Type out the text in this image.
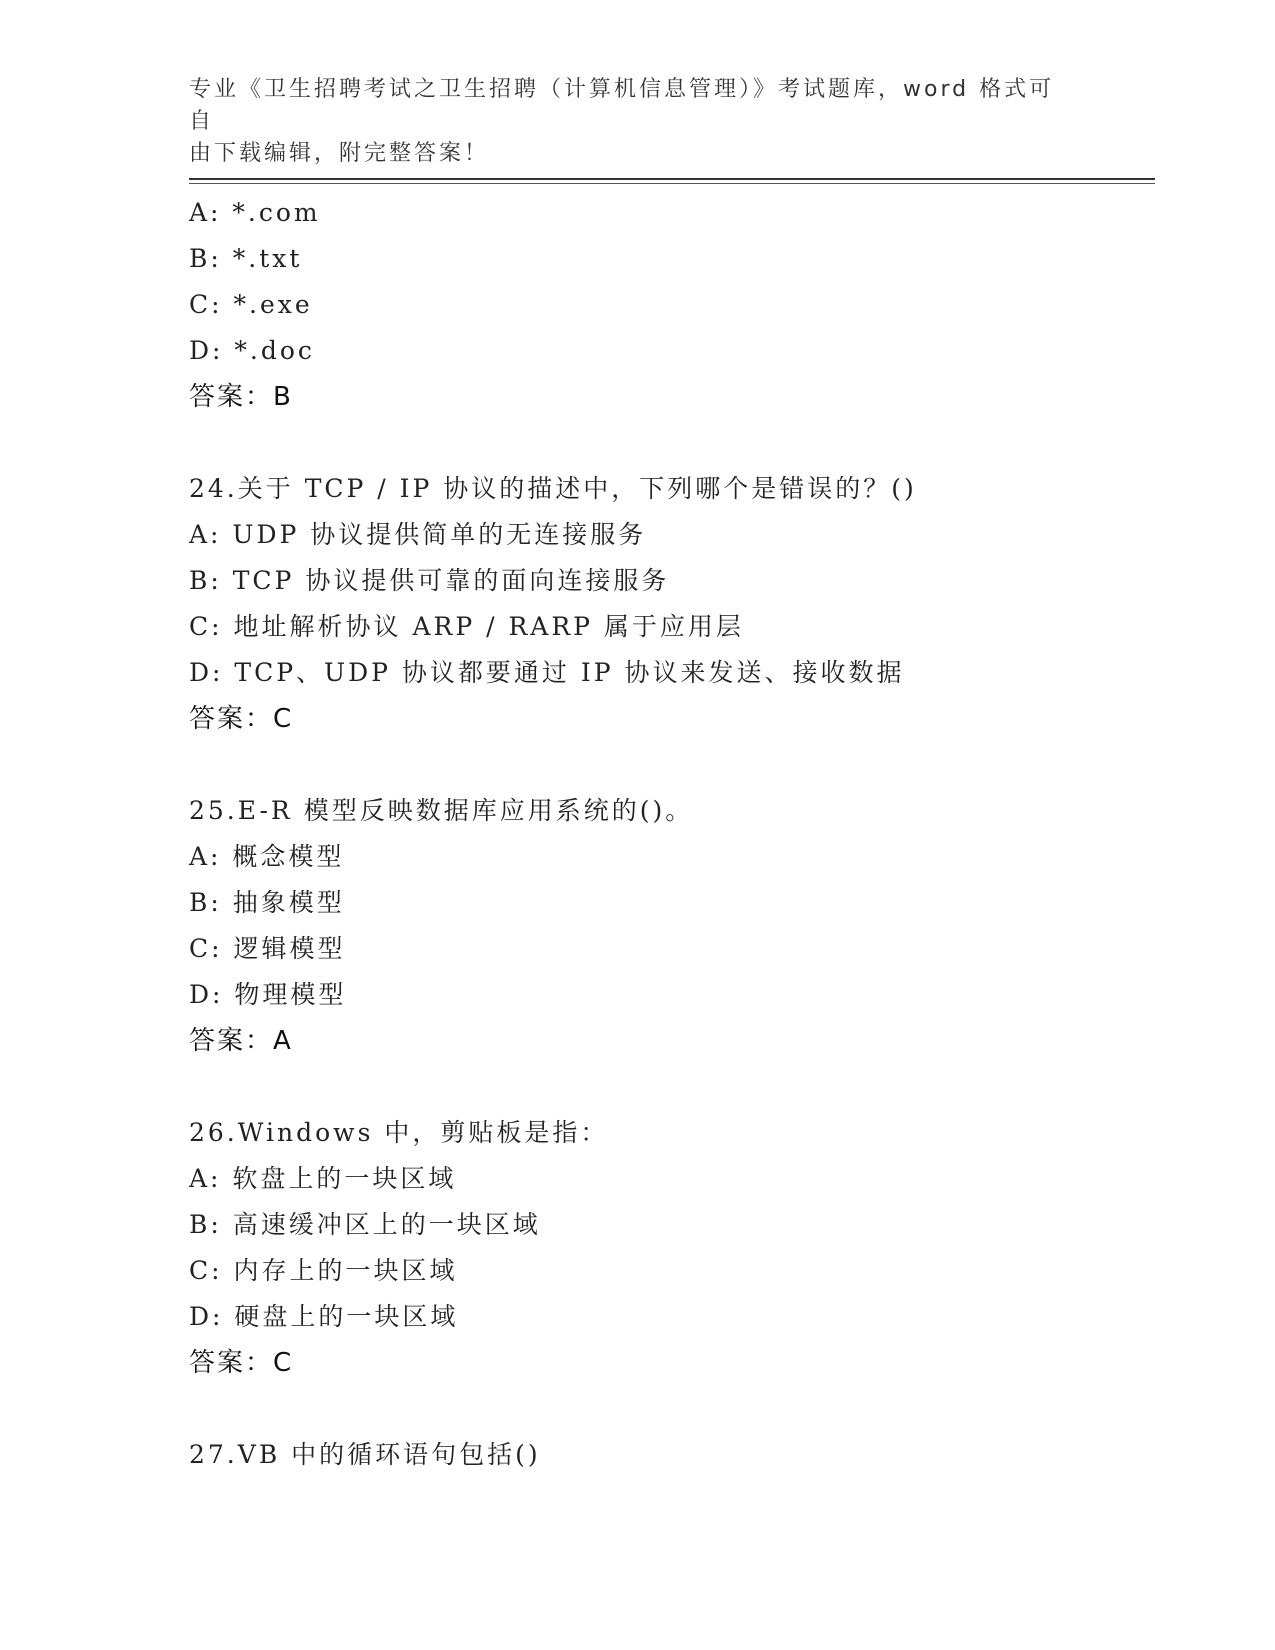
专业《卫生招聘考试之卫生招聘（计算机信息管理）》考试题库，word 格式可自
由下载编辑，附完整答案！
A: *.com
B: *.txt
C: *.exe
D: *.doc
答案：B
24.关于 TCP / IP 协议的描述中，下列哪个是错误的？()
A: UDP 协议提供简单的无连接服务
B: TCP 协议提供可靠的面向连接服务
C: 地址解析协议 ARP / RARP 属于应用层
D: TCP、UDP 协议都要通过 IP 协议来发送、接收数据
答案：C
25.E-R 模型反映数据库应用系统的()。
A: 概念模型
B: 抽象模型
C: 逻辑模型
D: 物理模型
答案：A
26.Windows 中，剪贴板是指：
A: 软盘上的一块区域
B: 高速缓冲区上的一块区域
C: 内存上的一块区域
D: 硬盘上的一块区域
答案：C
27.VB 中的循环语句包括()
